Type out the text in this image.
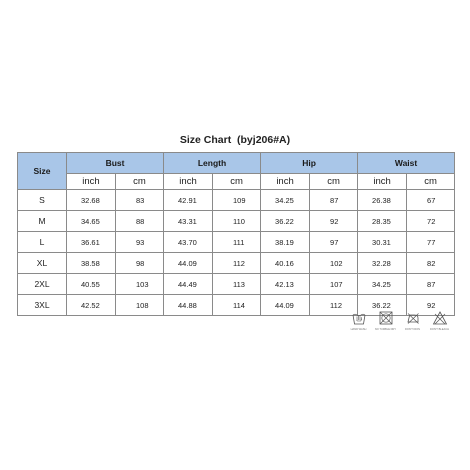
Size Chart  (byj206#A)
Size	Bust		Length		Hip		Waist	
	inch	cm	inch	cm	inch	cm	inch	cm
S	32.68	83	42.91	109	34.25	87	26.38	67
M	34.65	88	43.31	110	36.22	92	28.35	72
L	36.61	93	43.70	111	38.19	97	30.31	77
XL	38.58	98	44.09	112	40.16	102	32.28	82
2XL	40.55	103	44.49	113	42.13	107	34.25	87
3XL	42.52	108	44.88	114	44.09	112	36.22	92
HAND WASH	NO TUMBLE DRY	DON'T IRON	DON'T BLEACH
